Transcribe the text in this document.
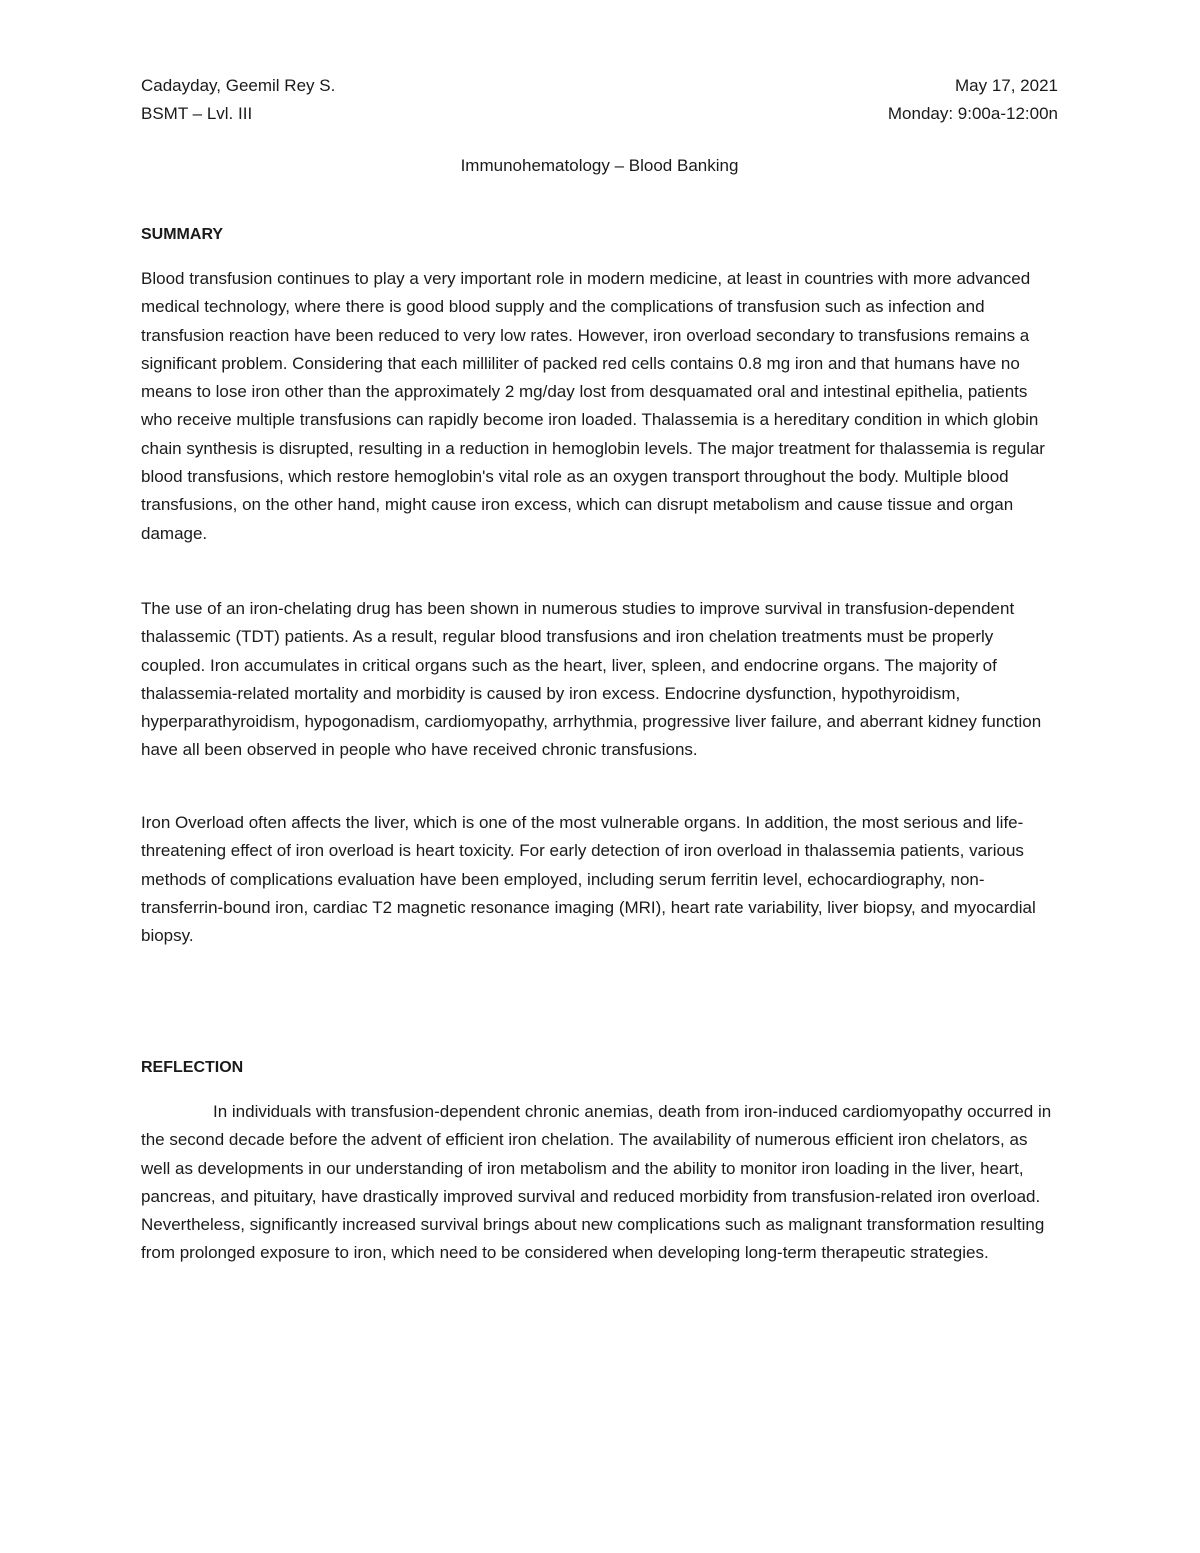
Cadayday, Geemil Rey S.	May 17, 2021
BSMT – Lvl. III	Monday: 9:00a-12:00n
Immunohematology – Blood Banking
SUMMARY

Blood transfusion continues to play a very important role in modern medicine, at least in countries with more advanced medical technology, where there is good blood supply and the complications of transfusion such as infection and transfusion reaction have been reduced to very low rates. However, iron overload secondary to transfusions remains a significant problem. Considering that each milliliter of packed red cells contains 0.8 mg iron and that humans have no means to lose iron other than the approximately 2 mg/day lost from desquamated oral and intestinal epithelia, patients who receive multiple transfusions can rapidly become iron loaded. Thalassemia is a hereditary condition in which globin chain synthesis is disrupted, resulting in a reduction in hemoglobin levels. The major treatment for thalassemia is regular blood transfusions, which restore hemoglobin's vital role as an oxygen transport throughout the body. Multiple blood transfusions, on the other hand, might cause iron excess, which can disrupt metabolism and cause tissue and organ damage.

The use of an iron-chelating drug has been shown in numerous studies to improve survival in transfusion-dependent thalassemic (TDT) patients. As a result, regular blood transfusions and iron chelation treatments must be properly coupled. Iron accumulates in critical organs such as the heart, liver, spleen, and endocrine organs. The majority of thalassemia-related mortality and morbidity is caused by iron excess. Endocrine dysfunction, hypothyroidism, hyperparathyroidism, hypogonadism, cardiomyopathy, arrhythmia, progressive liver failure, and aberrant kidney function have all been observed in people who have received chronic transfusions.

Iron Overload often affects the liver, which is one of the most vulnerable organs. In addition, the most serious and life-threatening effect of iron overload is heart toxicity. For early detection of iron overload in thalassemia patients, various methods of complications evaluation have been employed, including serum ferritin level, echocardiography, non-transferrin-bound iron, cardiac T2 magnetic resonance imaging (MRI), heart rate variability, liver biopsy, and myocardial biopsy.

REFLECTION

In individuals with transfusion-dependent chronic anemias, death from iron-induced cardiomyopathy occurred in the second decade before the advent of efficient iron chelation. The availability of numerous efficient iron chelators, as well as developments in our understanding of iron metabolism and the ability to monitor iron loading in the liver, heart, pancreas, and pituitary, have drastically improved survival and reduced morbidity from transfusion-related iron overload. Nevertheless, significantly increased survival brings about new complications such as malignant transformation resulting from prolonged exposure to iron, which need to be considered when developing long-term therapeutic strategies.
